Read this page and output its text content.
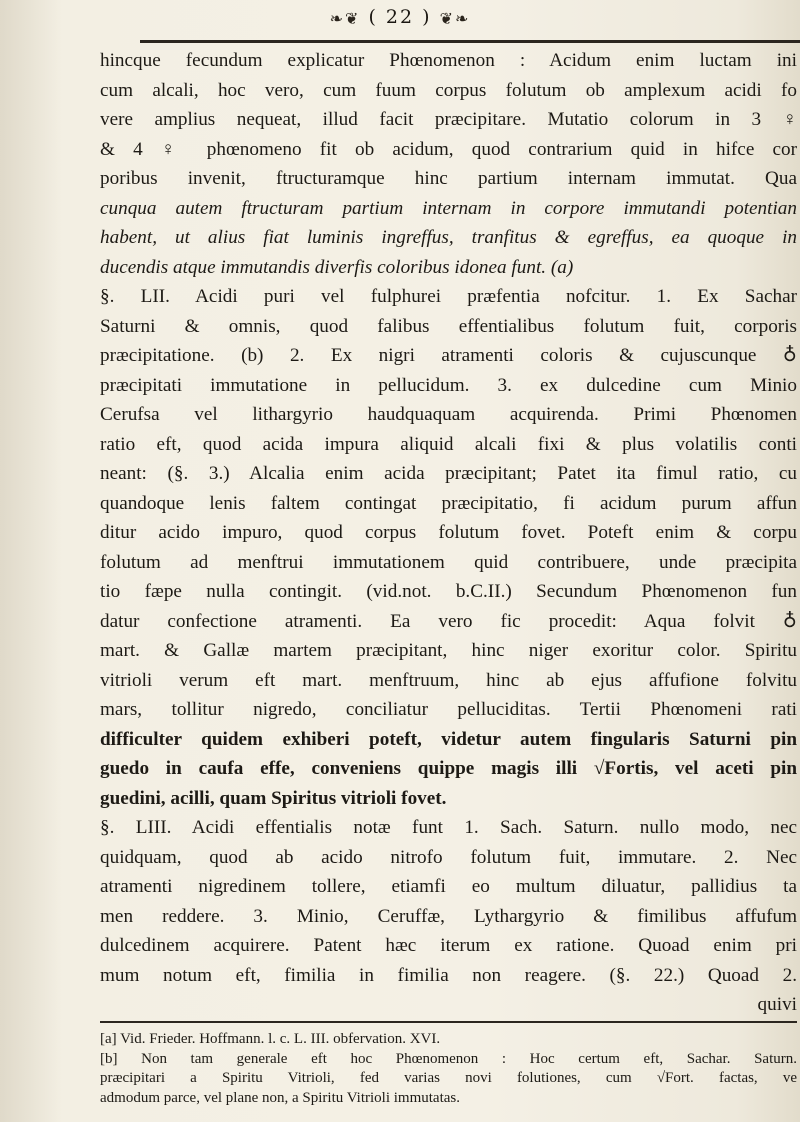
❧❦ ( 22 ) ❦❧
hincque fecundum explicatur Phœnomenon : Acidum enim luctam ini
cum alcali, hoc vero, cum fuum corpus folutum ob amplexum acidi fo
vere amplius nequeat, illud facit præcipitare. Mutatio colorum in 3 ♀
& 4 ♀ phœnomeno fit ob acidum, quod contrarium quid in hifce cor
poribus invenit, ftructuramque hinc partium internam immutat. Qua
cunqua autem ftructuram partium internam in corpore immutandi potentian
habent, ut alius fiat luminis ingreffus, tranfitus & egreffus, ea quoque in
ducendis atque immutandis diverfis coloribus idonea funt. (a)
§. LII. Acidi puri vel fulphurei præfentia nofcitur. 1. Ex Sachar
Saturni & omnis, quod falibus effentialibus folutum fuit, corporis
præcipitatione. (b) 2. Ex nigri atramenti coloris & cujuscunque ♁
præcipitati immutatione in pellucidum. 3. ex dulcedine cum Minio
Cerufsa vel lithargyrio haudquaquam acquirenda. Primi Phœnomen
ratio eft, quod acida impura aliquid alcali fixi & plus volatilis conti
neant: (§. 3.) Alcalia enim acida præcipitant; Patet ita fimul ratio, cu
quandoque lenis faltem contingat præcipitatio, fi acidum purum affun
ditur acido impuro, quod corpus folutum fovet. Poteft enim & corpu
folutum ad menftrui immutationem quid contribuere, unde præcipita
tio fæpe nulla contingit. (vid.not. b.C.II.) Secundum Phœnomenon fun
datur confectione atramenti. Ea vero fic procedit: Aqua folvit ♁
mart. & Gallæ martem præcipitant, hinc niger exoritur color. Spiritu
vitrioli verum eft mart. menftruum, hinc ab ejus affufione folvitu
mars, tollitur nigredo, conciliatur pelluciditas. Tertii Phœnomeni rati
difficulter quidem exhiberi poteft, videtur autem fingularis Saturni pin
guedo in caufa effe, conveniens quippe magis illi √Fortis, vel aceti pin
guedini, acilli, quam Spiritus vitrioli fovet.
§. LIII. Acidi effentialis notæ funt 1. Sach. Saturn. nullo modo, nec
quidquam, quod ab acido nitrofo folutum fuit, immutare. 2. Nec
atramenti nigredinem tollere, etiamfi eo multum diluatur, pallidius ta
men reddere. 3. Minio, Ceruffæ, Lythargyrio & fimilibus affufum
dulcedinem acquirere. Patent hæc iterum ex ratione. Quoad enim pri
mum notum eft, fimilia in fimilia non reagere. (§. 22.) Quoad 2.
quivi
[a] Vid. Frieder. Hoffmann. l. c. L. III. obfervation. XVI.
[b] Non tam generale eft hoc Phœnomenon : Hoc certum eft, Sachar. Saturn.
præcipitari a Spiritu Vitrioli, fed varias novi folutiones, cum √Fort. factas, ve
admodum parce, vel plane non, a Spiritu Vitrioli immutatas.
